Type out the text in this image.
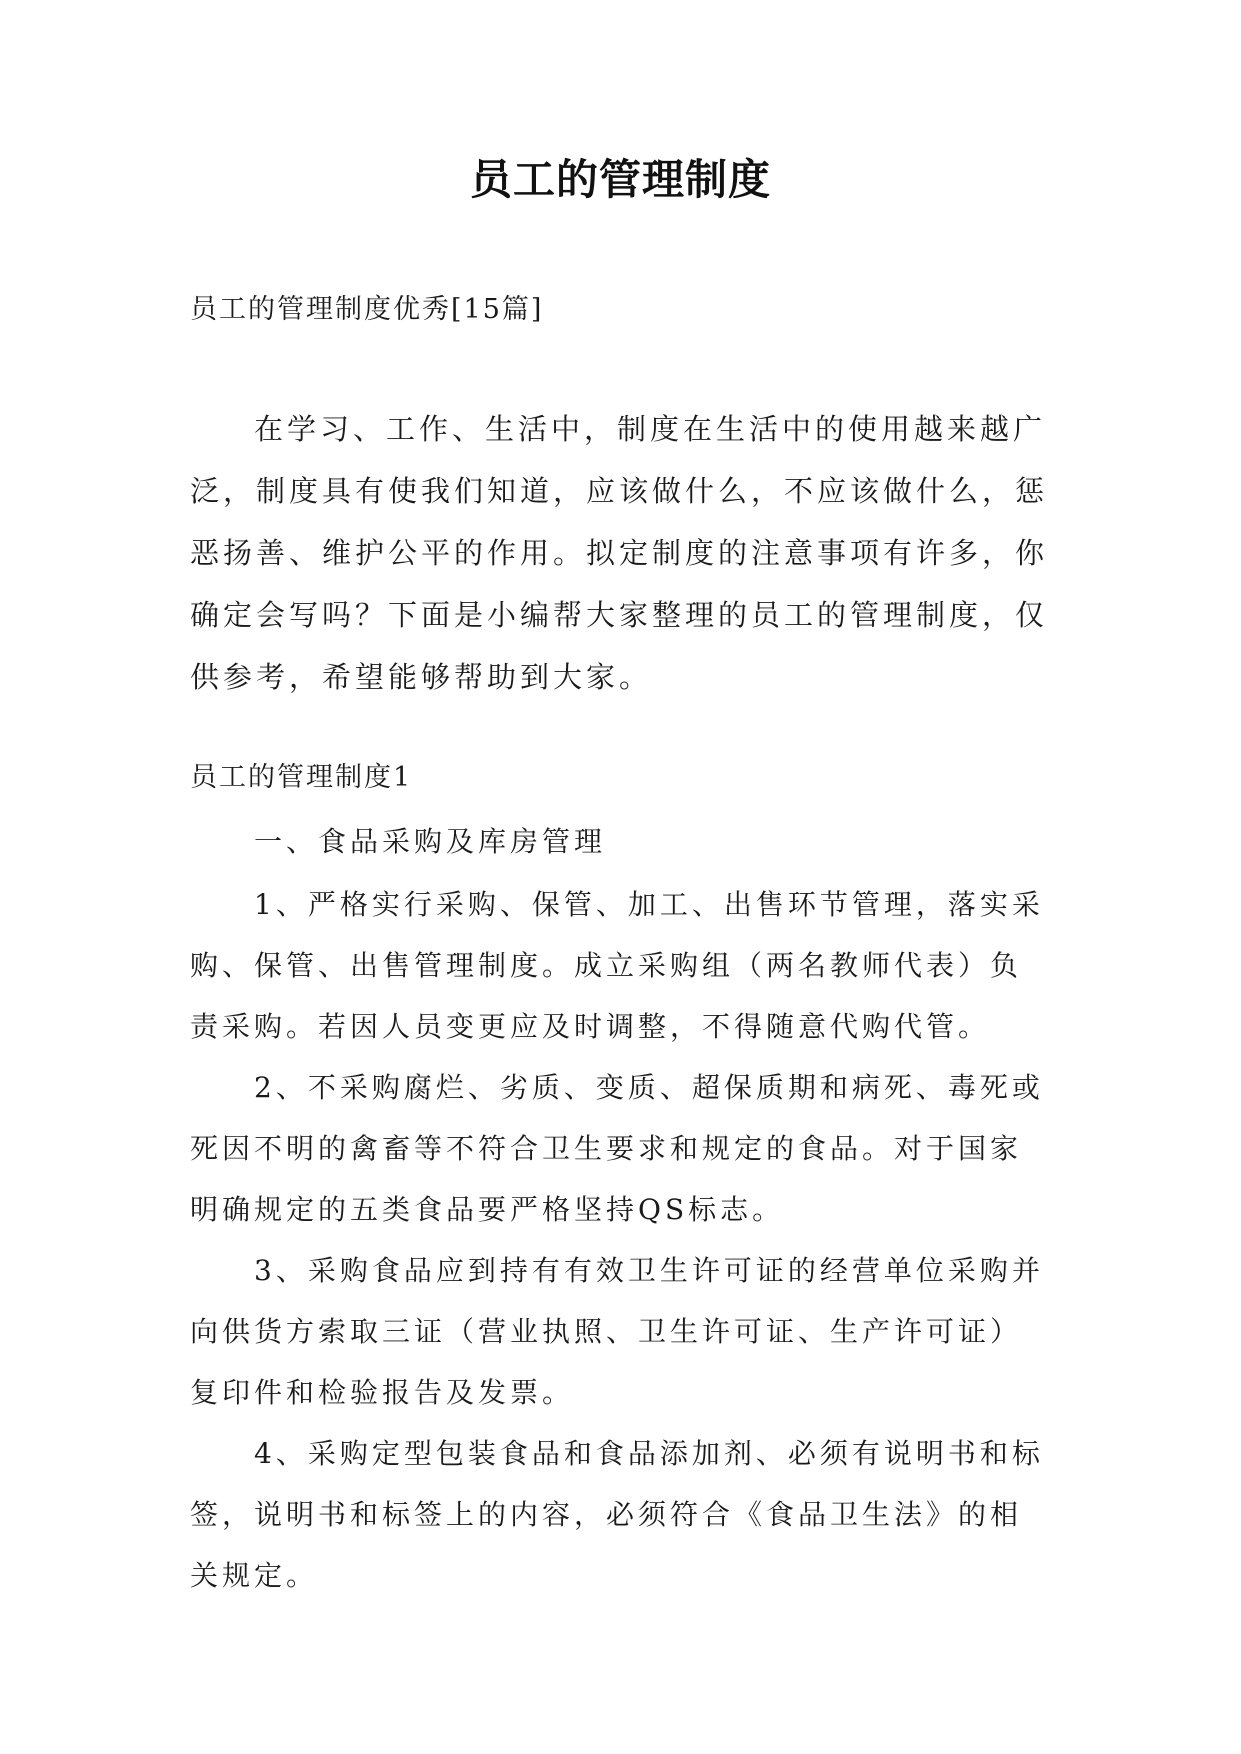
员工的管理制度
员工的管理制度优秀[15篇]

在学习、工作、生活中，制度在生活中的使用越来越广泛，制度具有使我们知道，应该做什么，不应该做什么，惩恶扬善、维护公平的作用。拟定制度的注意事项有许多，你确定会写吗？下面是小编帮大家整理的员工的管理制度，仅供参考，希望能够帮助到大家。

员工的管理制度1

一、食品采购及库房管理

1、严格实行采购、保管、加工、出售环节管理，落实采购、保管、出售管理制度。成立采购组（两名教师代表）负责采购。若因人员变更应及时调整，不得随意代购代管。

2、不采购腐烂、劣质、变质、超保质期和病死、毒死或死因不明的禽畜等不符合卫生要求和规定的食品。对于国家明确规定的五类食品要严格坚持QS标志。

3、采购食品应到持有有效卫生许可证的经营单位采购并向供货方索取三证（营业执照、卫生许可证、生产许可证）复印件和检验报告及发票。

4、采购定型包装食品和食品添加剂、必须有说明书和标签，说明书和标签上的内容，必须符合《食品卫生法》的相关规定。
